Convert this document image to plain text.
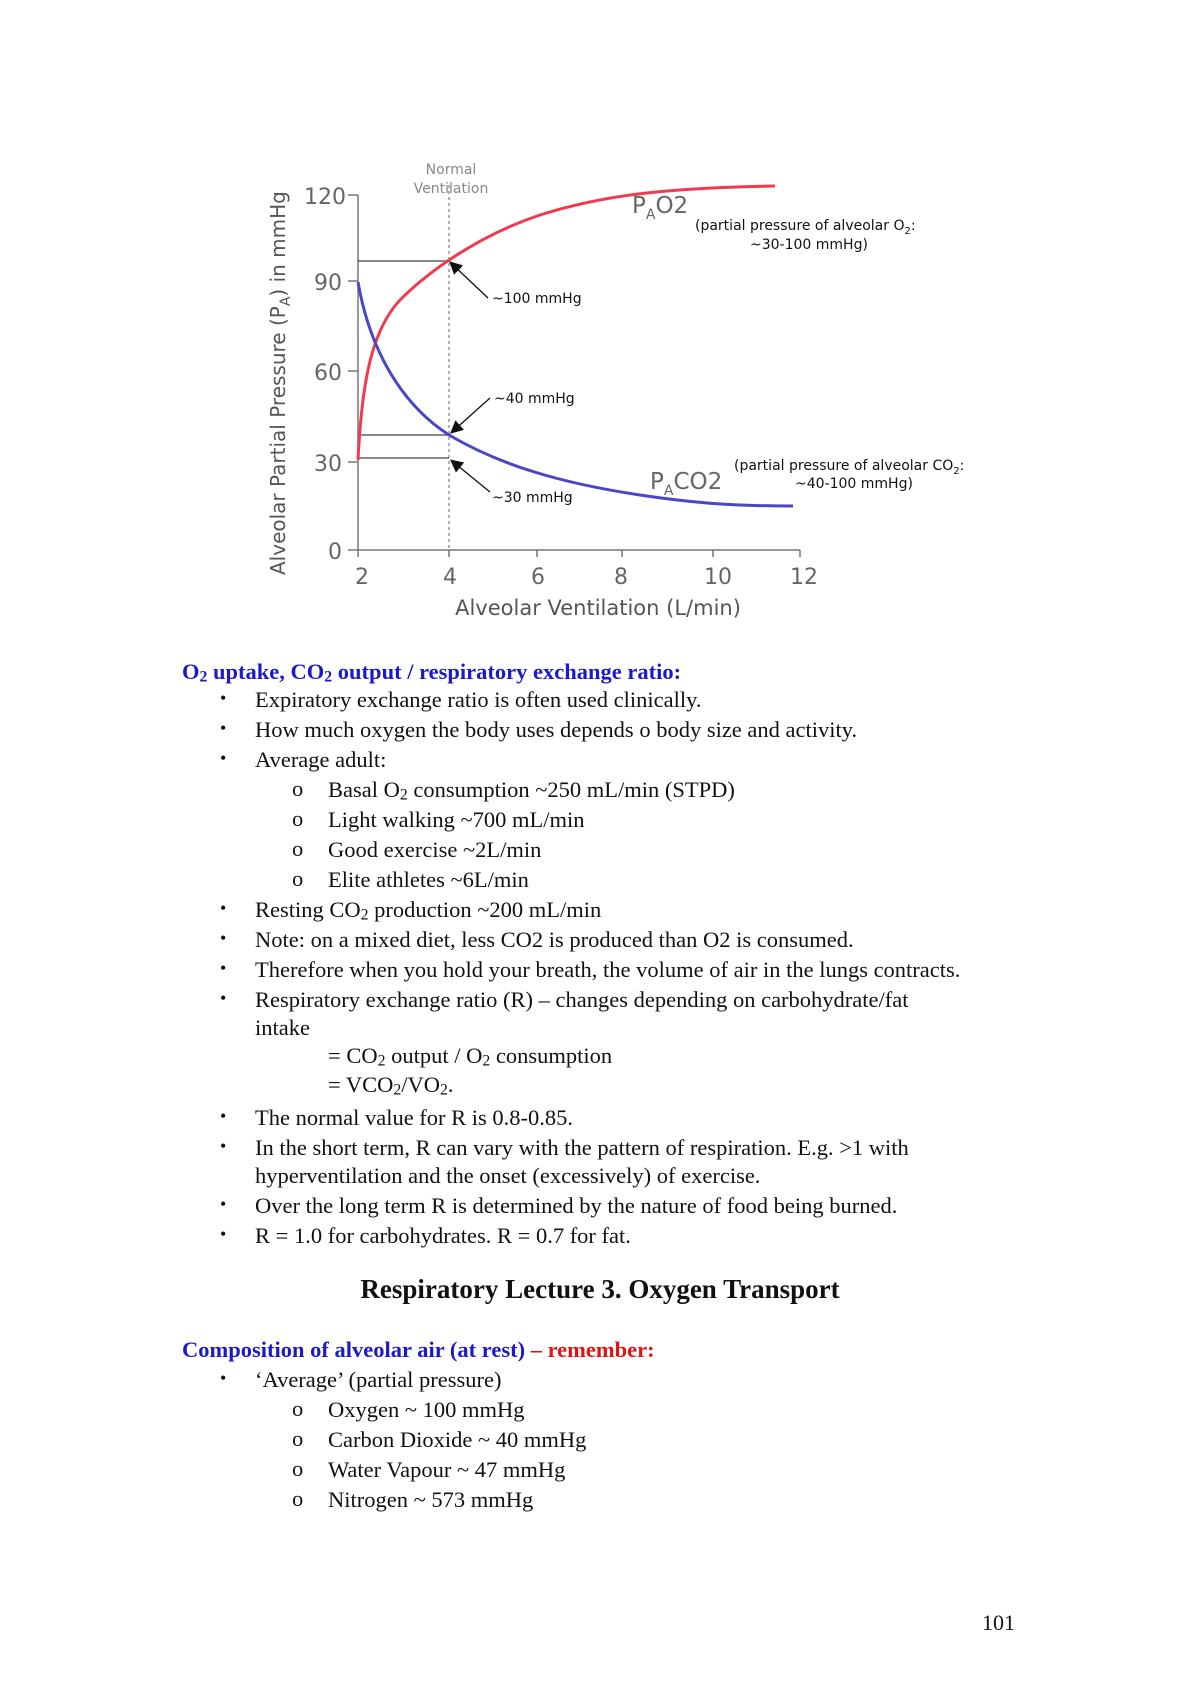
Alveolar Partial Pressure $(P_A)$ in mmHg
0
30
60
90
120
2	4	6	8	10	12
Alveolar Ventilation (L/min)
Normal
Ventilation
~100 mmHg
~40 mmHg
~30 mmHg
$P_AO2$
(partial pressure of alveolar $O_2$:
~30-100 mmHg)
$P_ACO2$
(partial pressure of alveolar $CO_2$:
~40-100 mmHg)
$O_2$ uptake, $CO_2$ output / respiratory exchange ratio:
• Expiratory exchange ratio is often used clinically.
• How much oxygen the body uses depends o body size and activity.
• Average adult:
o Basal $O_2$ consumption ~250 mL/min (STPD)
o Light walking ~700 mL/min
o Good exercise ~2L/min
o Elite athletes ~6L/min
• Resting $CO_2$ production ~200 mL/min
• Note: on a mixed diet, less CO2 is produced than O2 is consumed.
• Therefore when you hold your breath, the volume of air in the lungs contracts.
• Respiratory exchange ratio (R) – changes depending on carbohydrate/fat
intake
= $CO_2$ output / $O_2$ consumption
= $VCO_2/VO_2$.
• The normal value for R is 0.8-0.85.
• In the short term, R can vary with the pattern of respiration. E.g. >1 with
hyperventilation and the onset (excessively) of exercise.
• Over the long term R is determined by the nature of food being burned.
• R = 1.0 for carbohydrates. R = 0.7 for fat.
Respiratory Lecture 3. Oxygen Transport
Composition of alveolar air (at rest) – remember:
• ‘Average’ (partial pressure)
o Oxygen ~ 100 mmHg
o Carbon Dioxide ~ 40 mmHg
o Water Vapour ~ 47 mmHg
o Nitrogen ~ 573 mmHg
101
